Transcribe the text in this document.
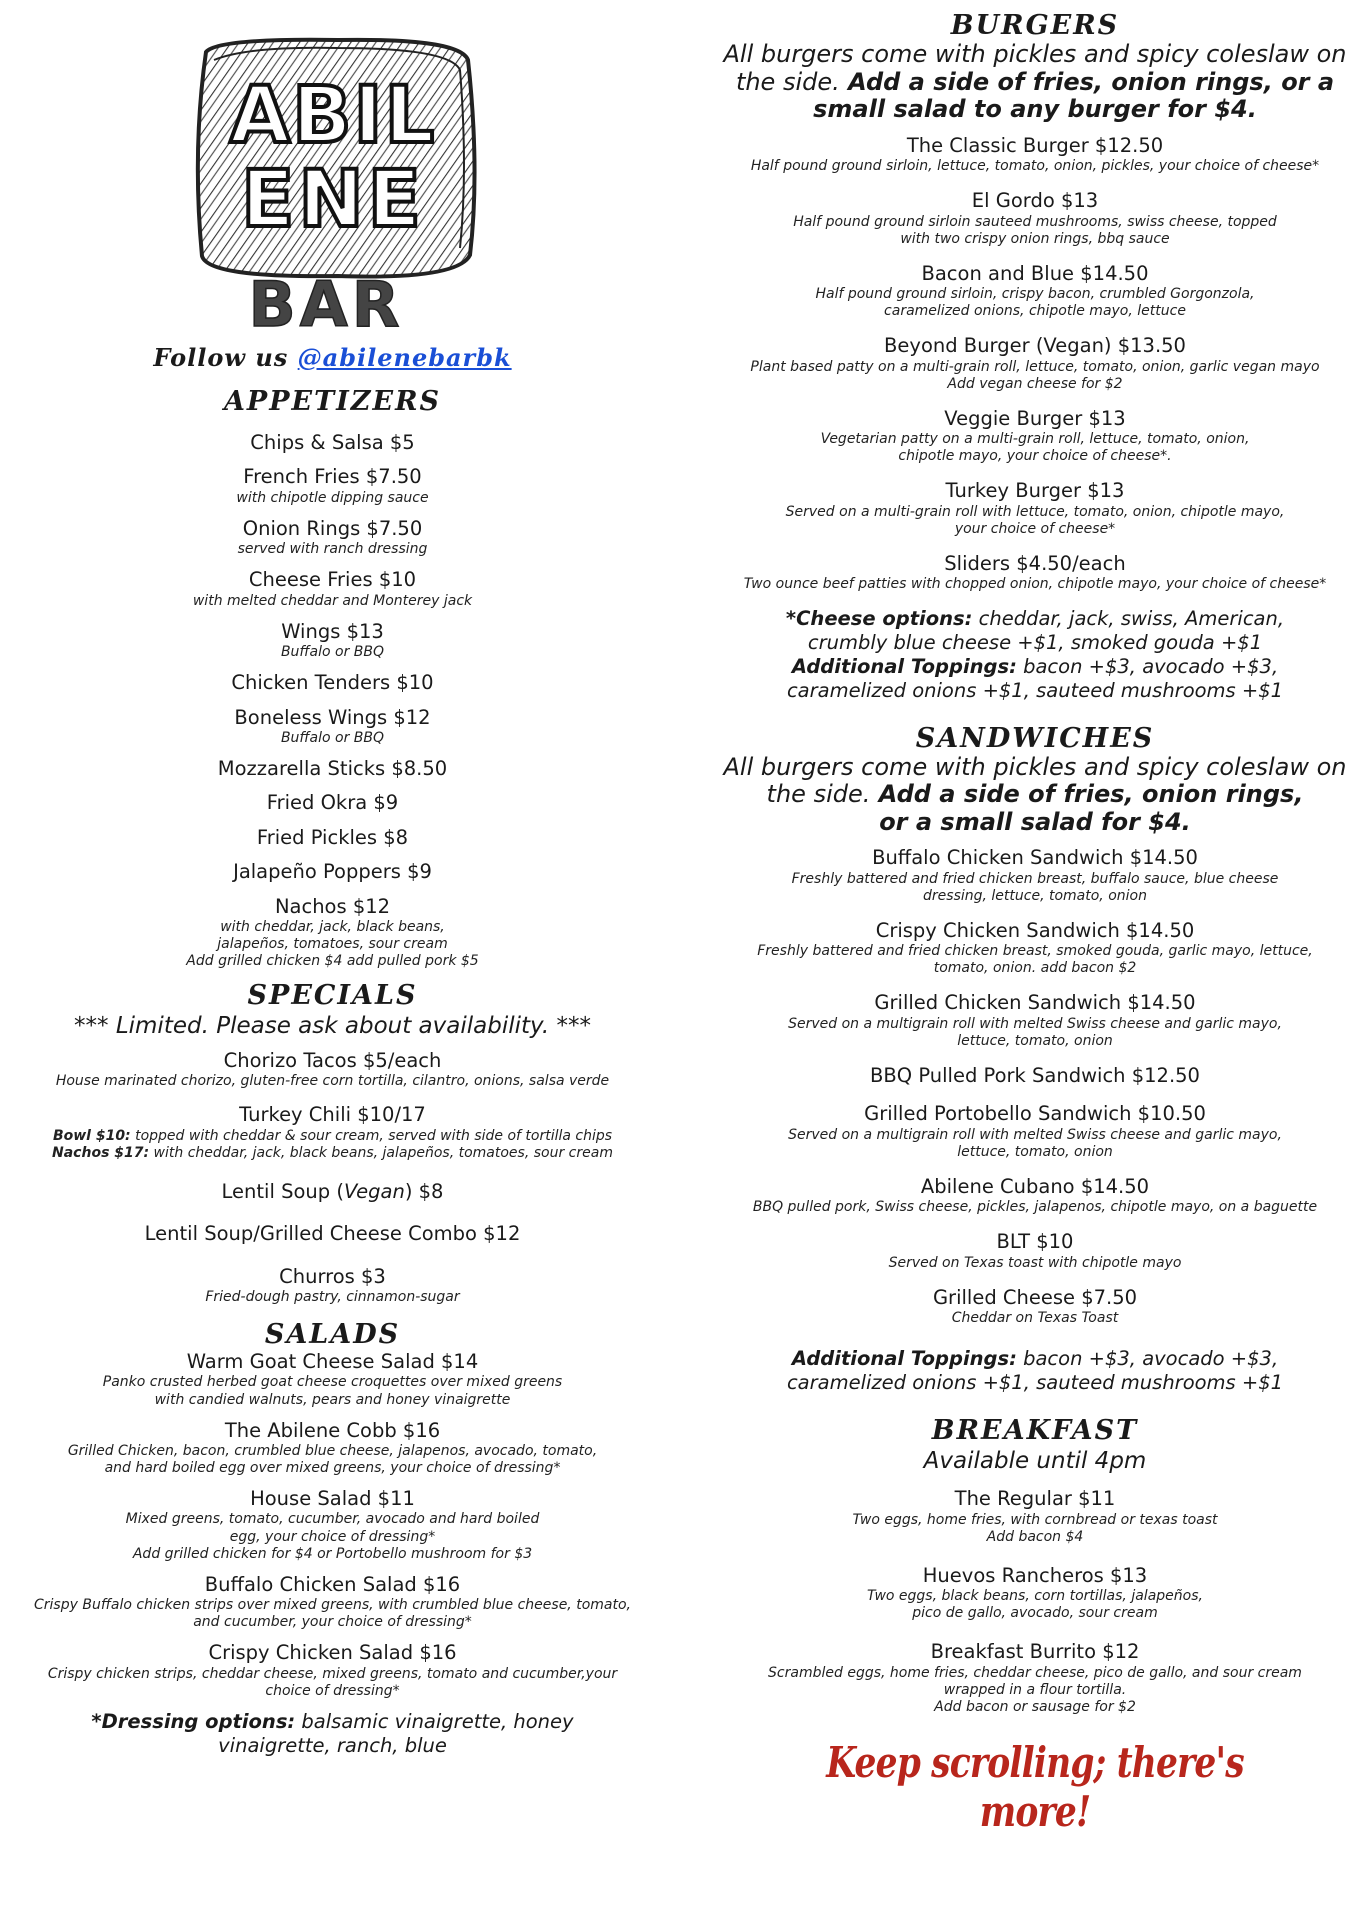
ABIL
ENE
BAR
Follow us @abilenebarbk
APPETIZERS
Chips & Salsa $5
French Fries $7.50
with chipotle dipping sauce
Onion Rings $7.50
served with ranch dressing
Cheese Fries $10
with melted cheddar and Monterey jack
Wings $13
Buffalo or BBQ
Chicken Tenders $10
Boneless Wings $12
Buffalo or BBQ
Mozzarella Sticks $8.50
Fried Okra $9
Fried Pickles $8
Jalapeño Poppers $9
Nachos $12
with cheddar, jack, black beans,
jalapeños, tomatoes, sour cream
Add grilled chicken $4 add pulled pork $5
SPECIALS
*** Limited. Please ask about availability. ***
Chorizo Tacos $5/each
House marinated chorizo, gluten-free corn tortilla, cilantro, onions, salsa verde
Turkey Chili $10/17
Bowl $10: topped with cheddar & sour cream, served with side of tortilla chips
Nachos $17: with cheddar, jack, black beans, jalapeños, tomatoes, sour cream
Lentil Soup (Vegan) $8
Lentil Soup/Grilled Cheese Combo $12
Churros $3
Fried-dough pastry, cinnamon-sugar
SALADS
Warm Goat Cheese Salad $14
Panko crusted herbed goat cheese croquettes over mixed greens
with candied walnuts, pears and honey vinaigrette
The Abilene Cobb $16
Grilled Chicken, bacon, crumbled blue cheese, jalapenos, avocado, tomato,
and hard boiled egg over mixed greens, your choice of dressing*
House Salad $11
Mixed greens, tomato, cucumber, avocado and hard boiled
egg, your choice of dressing*
Add grilled chicken for $4 or Portobello mushroom for $3
Buffalo Chicken Salad $16
Crispy Buffalo chicken strips over mixed greens, with crumbled blue cheese, tomato,
and cucumber, your choice of dressing*
Crispy Chicken Salad $16
Crispy chicken strips, cheddar cheese, mixed greens, tomato and cucumber,your
choice of dressing*
*Dressing options: balsamic vinaigrette, honey
vinaigrette, ranch, blue
BURGERS
All burgers come with pickles and spicy coleslaw on the side. Add a side of fries, onion rings, or a small salad to any burger for $4.
The Classic Burger $12.50
Half pound ground sirloin, lettuce, tomato, onion, pickles, your choice of cheese*
El Gordo $13
Half pound ground sirloin sauteed mushrooms, swiss cheese, topped
with two crispy onion rings, bbq sauce
Bacon and Blue $14.50
Half pound ground sirloin, crispy bacon, crumbled Gorgonzola,
caramelized onions, chipotle mayo, lettuce
Beyond Burger (Vegan) $13.50
Plant based patty on a multi-grain roll, lettuce, tomato, onion, garlic vegan mayo
Add vegan cheese for $2
Veggie Burger $13
Vegetarian patty on a multi-grain roll, lettuce, tomato, onion,
chipotle mayo, your choice of cheese*.
Turkey Burger $13
Served on a multi-grain roll with lettuce, tomato, onion, chipotle mayo,
your choice of cheese*
Sliders $4.50/each
Two ounce beef patties with chopped onion, chipotle mayo, your choice of cheese*
*Cheese options: cheddar, jack, swiss, American,
crumbly blue cheese +$1, smoked gouda +$1
Additional Toppings: bacon +$3, avocado +$3,
caramelized onions +$1, sauteed mushrooms +$1
SANDWICHES
All burgers come with pickles and spicy coleslaw on the side. Add a side of fries, onion rings,
or a small salad for $4.
Buffalo Chicken Sandwich $14.50
Freshly battered and fried chicken breast, buffalo sauce, blue cheese
dressing, lettuce, tomato, onion
Crispy Chicken Sandwich $14.50
Freshly battered and fried chicken breast, smoked gouda, garlic mayo, lettuce,
tomato, onion. add bacon $2
Grilled Chicken Sandwich $14.50
Served on a multigrain roll with melted Swiss cheese and garlic mayo,
lettuce, tomato, onion
BBQ Pulled Pork Sandwich $12.50
Grilled Portobello Sandwich $10.50
Served on a multigrain roll with melted Swiss cheese and garlic mayo,
lettuce, tomato, onion
Abilene Cubano $14.50
BBQ pulled pork, Swiss cheese, pickles, jalapenos, chipotle mayo, on a baguette
BLT $10
Served on Texas toast with chipotle mayo
Grilled Cheese $7.50
Cheddar on Texas Toast
Additional Toppings: bacon +$3, avocado +$3,
caramelized onions +$1, sauteed mushrooms +$1
BREAKFAST
Available until 4pm
The Regular $11
Two eggs, home fries, with cornbread or texas toast
Add bacon $4
Huevos Rancheros $13
Two eggs, black beans, corn tortillas, jalapeños,
pico de gallo, avocado, sour cream
Breakfast Burrito $12
Scrambled eggs, home fries, cheddar cheese, pico de gallo, and sour cream
wrapped in a flour tortilla.
Add bacon or sausage for $2
Keep scrolling; there's more!
